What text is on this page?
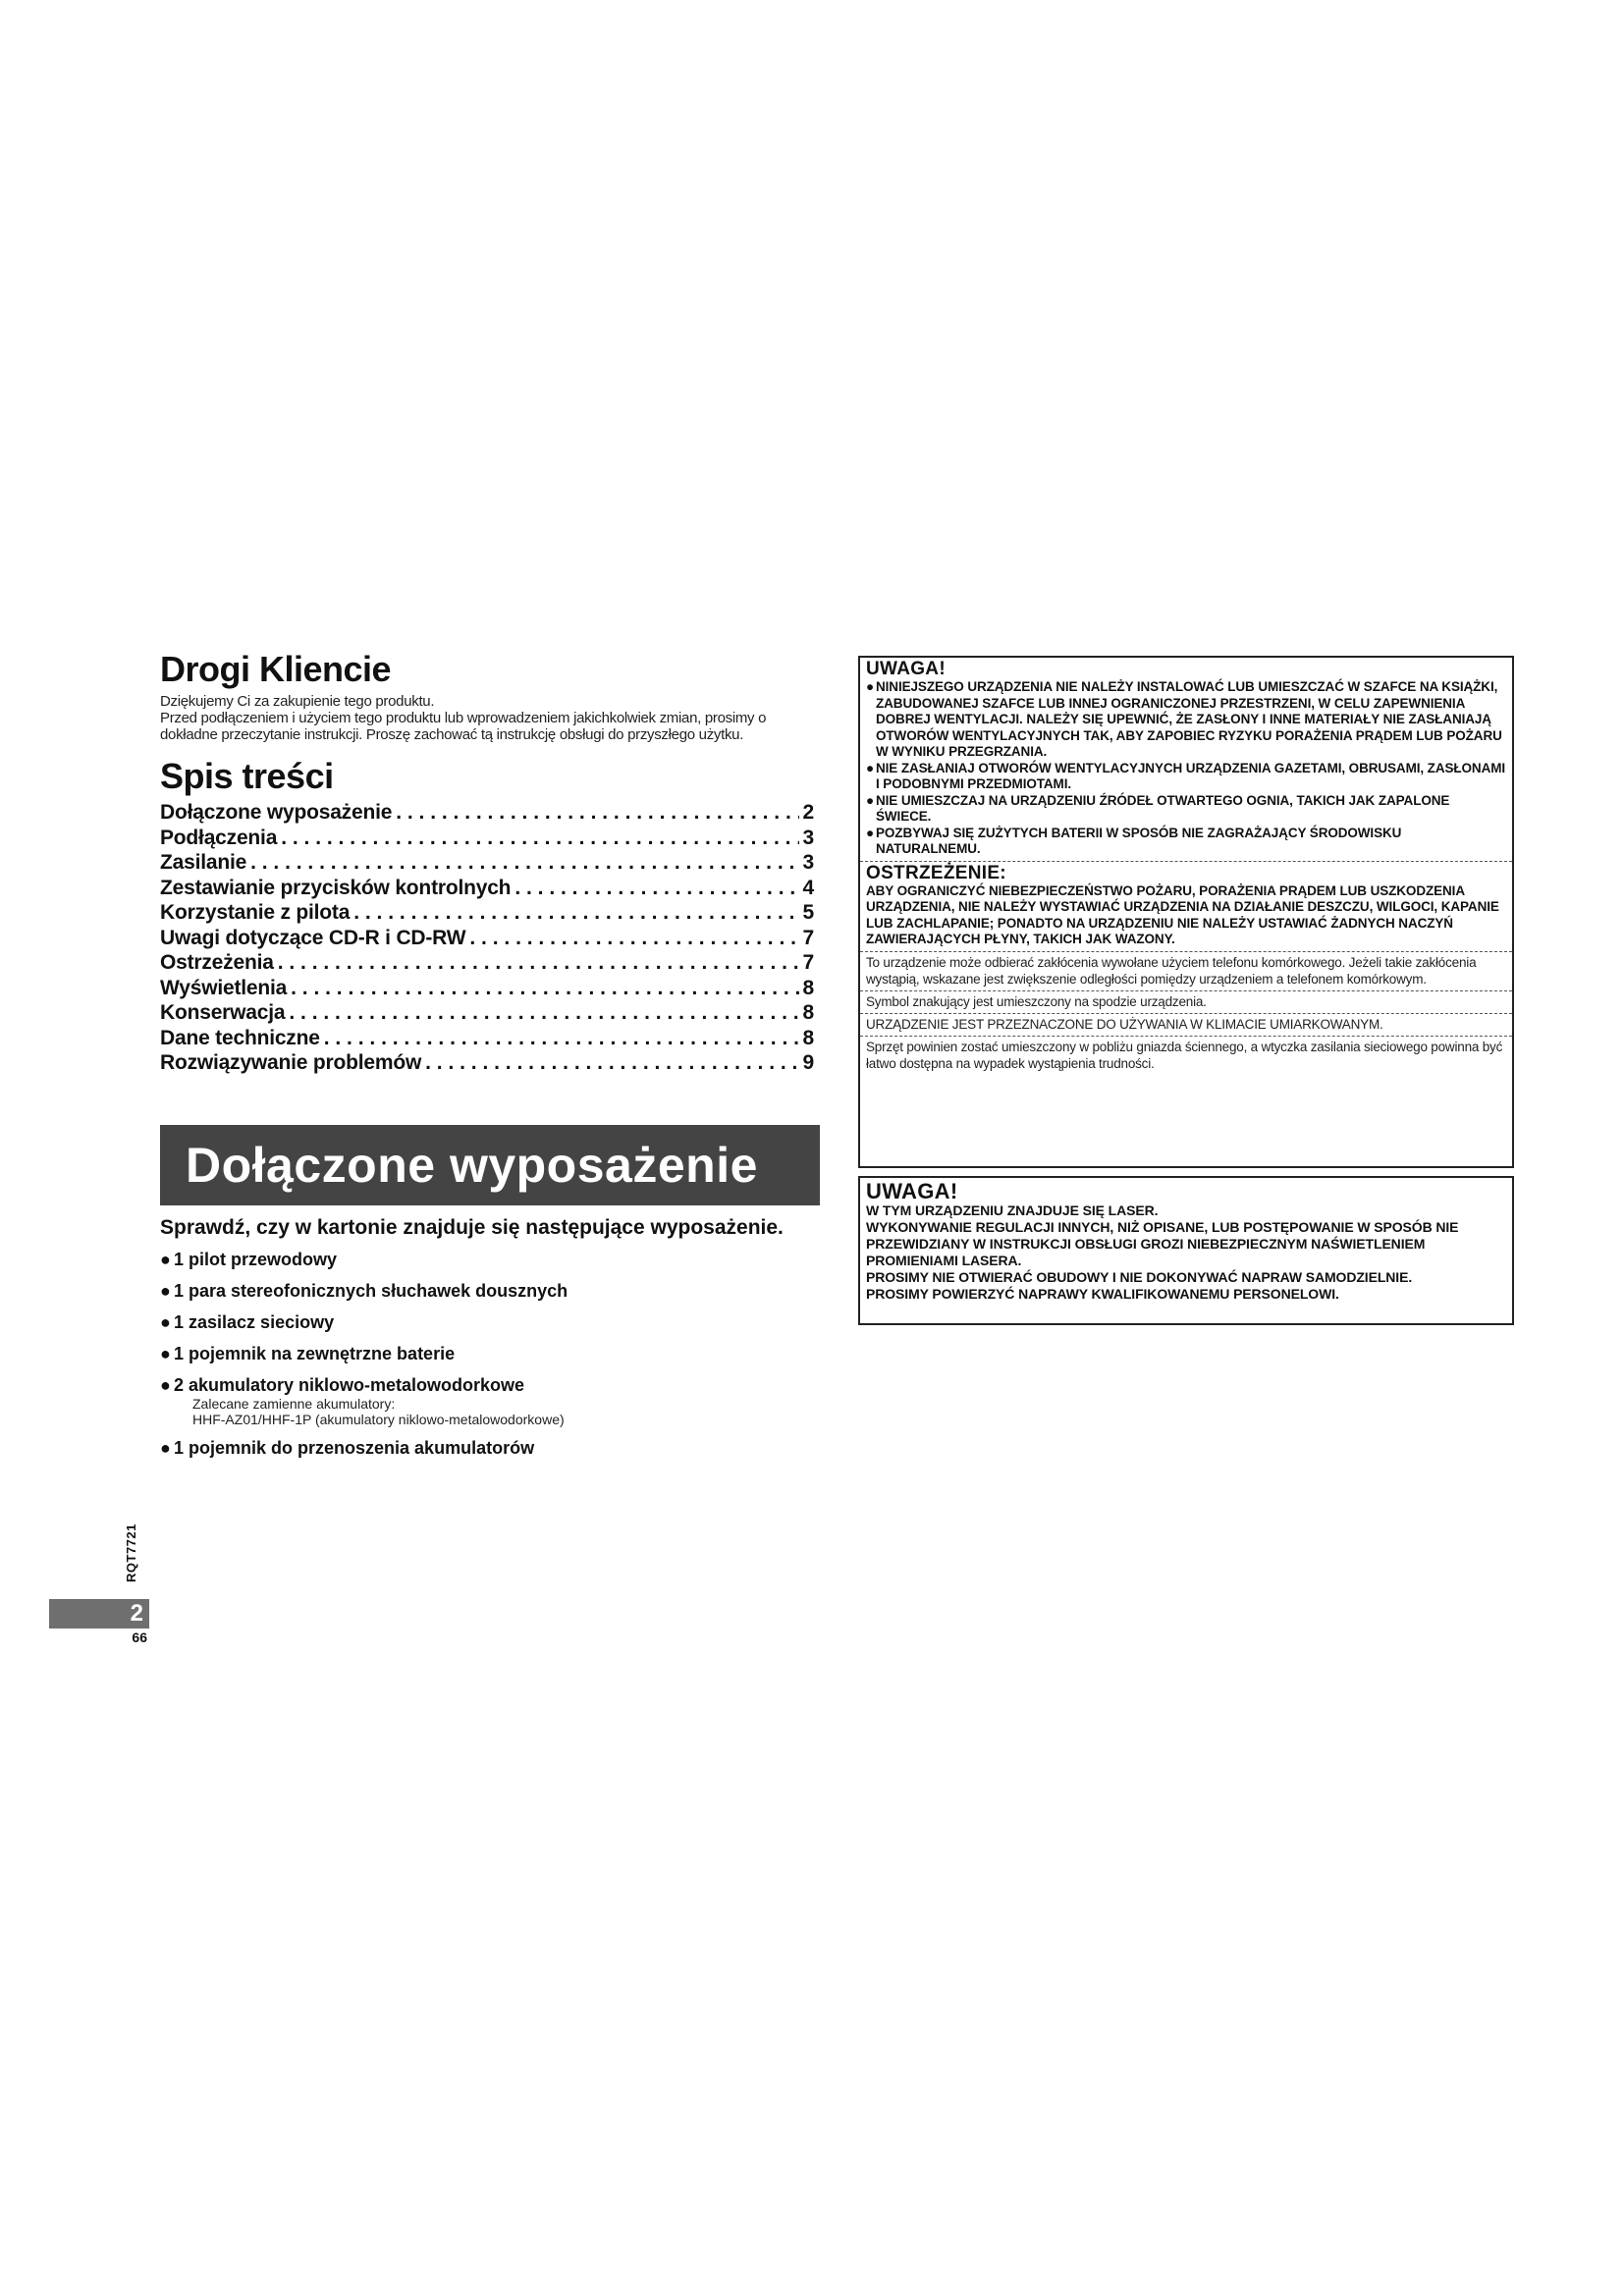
Drogi Kliencie

Dziękujemy Ci za zakupienie tego produktu.

Przed podłączeniem i użyciem tego produktu lub wprowadzeniem jakichkolwiek zmian, prosimy o dokładne przeczytanie instrukcji. Proszę zachować tą instrukcję obsługi do przyszłego użytku.

Spis treści
Dołączone wyposażenie . . .	2
Podłączenia . . .	3
Zasilanie . . .	3
Zestawianie przycisków kontrolnych . . .	4
Korzystanie z pilota . . .	5
Uwagi dotyczące CD-R i CD-RW . . .	7
Ostrzeżenia . . .	7
Wyświetlenia . . .	8
Konserwacja . . .	8
Dane techniczne . . .	8
Rozwiązywanie problemów . . .	9
Dołączone wyposażenie

Sprawdź, czy w kartonie znajduje się następujące wyposażenie.

● 1 pilot przewodowy
● 1 para stereofonicznych słuchawek dousznych
● 1 zasilacz sieciowy
● 1 pojemnik na zewnętrzne baterie
● 2 akumulatory niklowo-metalowodorkowe

Zalecane zamienne akumulatory:

HHF-AZ01/HHF-1P (akumulatory niklowo-metalowodorkowe)

● 1 pojemnik do przenoszenia akumulatorów
RQT7721
2
66
UWAGA!
● NINIEJSZEGO URZĄDZENIA NIE NALEŻY INSTALOWAĆ LUB UMIESZCZAĆ W SZAFCE NA KSIĄŻKI, ZABUDOWANEJ SZAFCE LUB INNEJ OGRANICZONEJ PRZESTRZENI, W CELU ZAPEWNIENIA DOBREJ WENTYLACJI. NALEŻY SIĘ UPEWNIĆ, ŻE ZASŁONY I INNE MATERIAŁY NIE ZASŁANIAJĄ OTWORÓW WENTYLACYJNYCH TAK, ABY ZAPOBIEC RYZYKU PORAŻENIA PRĄDEM LUB POŻARU W WYNIKU PRZEGRZANIA.
● NIE ZASŁANIAJ OTWORÓW WENTYLACYJNYCH URZĄDZENIA GAZETAMI, OBRUSAMI, ZASŁONAMI I PODOBNYMI PRZEDMIOTAMI.
● NIE UMIESZCZAJ NA URZĄDZENIU ŹRÓDEŁ OTWARTEGO OGNIA, TAKICH JAK ZAPALONE ŚWIECE.
● POZBYWAJ SIĘ ZUŻYTYCH BATERII W SPOSÓB NIE ZAGRAŻAJĄCY ŚRODOWISKU NATURALNEMU.
OSTRZEŻENIE:
ABY OGRANICZYĆ NIEBEZPIECZEŃSTWO POŻARU, PORAŻENIA PRĄDEM LUB USZKODZENIA URZĄDZENIA, NIE NALEŻY WYSTAWIAĆ URZĄDZENIA NA DZIAŁANIE DESZCZU, WILGOCI, KAPANIE LUB ZACHLAPANIE; PONADTO NA URZĄDZENIU NIE NALEŻY USTAWIAĆ ŻADNYCH NACZYŃ ZAWIERAJĄCYCH PŁYNY, TAKICH JAK WAZONY.
To urządzenie może odbierać zakłócenia wywołane użyciem telefonu komórkowego. Jeżeli takie zakłócenia wystąpią, wskazane jest zwiększenie odległości pomiędzy urządzeniem a telefonem komórkowym.
Symbol znakujący jest umieszczony na spodzie urządzenia.
URZĄDZENIE JEST PRZEZNACZONE DO UŻYWANIA W KLIMACIE UMIARKOWANYM.
Sprzęt powinien zostać umieszczony w pobliżu gniazda ściennego, a wtyczka zasilania sieciowego powinna być łatwo dostępna na wypadek wystąpienia trudności.
UWAGA!

W TYM URZĄDZENIU ZNAJDUJE SIĘ LASER.

WYKONYWANIE REGULACJI INNYCH, NIŻ OPISANE, LUB POSTĘPOWANIE W SPOSÓB NIE PRZEWIDZIANY W INSTRUKCJI OBSŁUGI GROZI NIEBEZPIECZNYM NAŚWIETLENIEM PROMIENIAMI LASERA.

PROSIMY NIE OTWIERAĆ OBUDOWY I NIE DOKONYWAĆ NAPRAW SAMODZIELNIE.

PROSIMY POWIERZYĆ NAPRAWY KWALIFIKOWANEMU PERSONELOWI.
